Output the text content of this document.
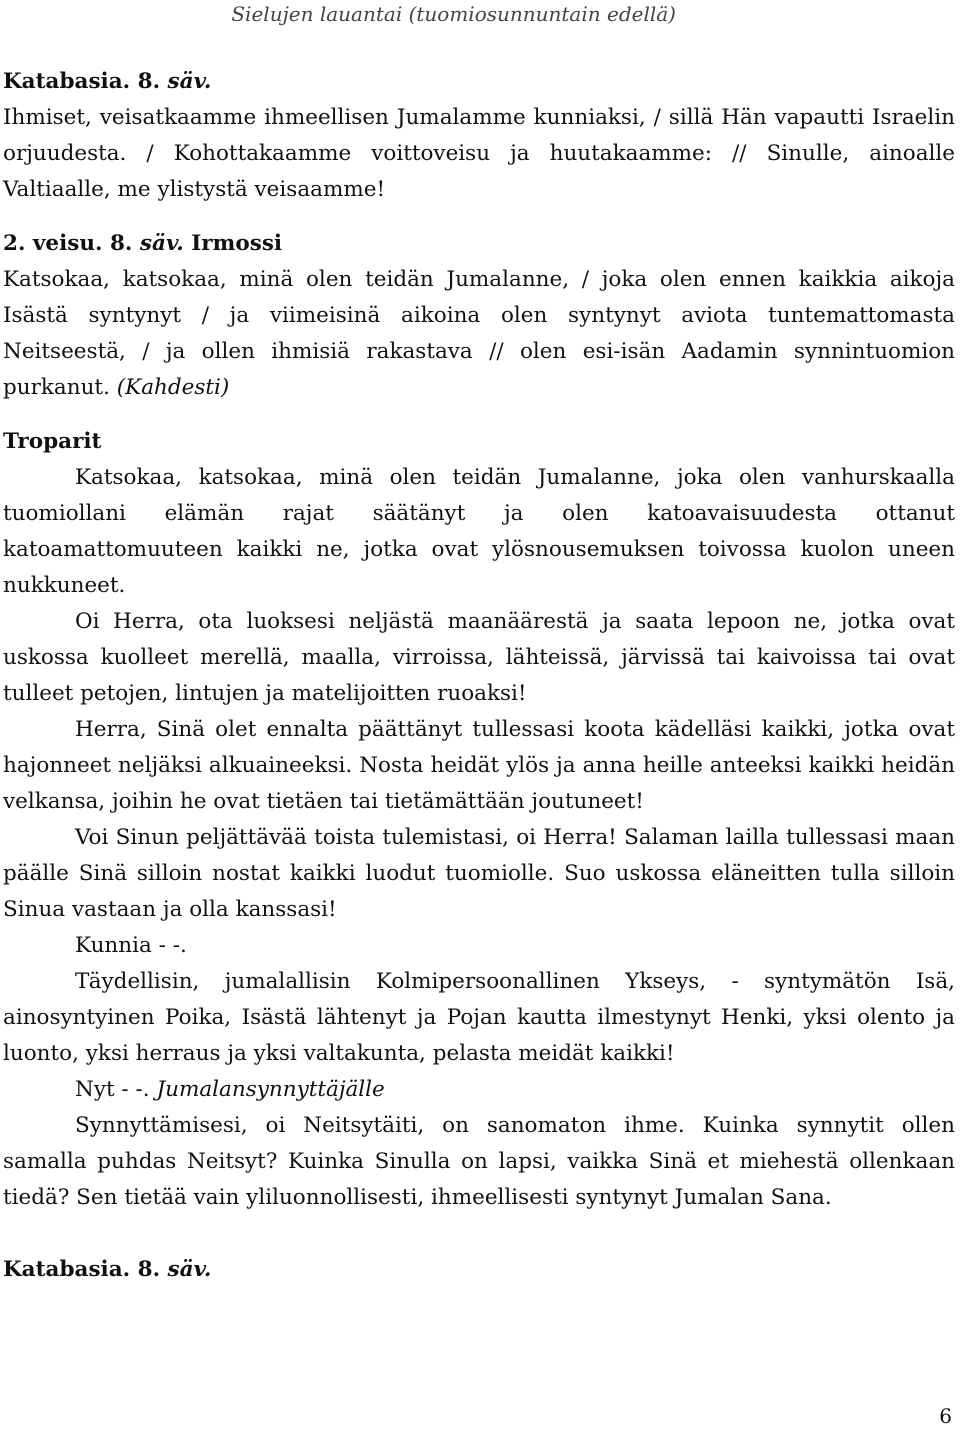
Sielujen lauantai (tuomiosunnuntain edellä)

Katabasia. 8. säv.

Ihmiset, veisatkaamme ihmeellisen Jumalamme kunniaksi, / sillä Hän vapautti Israelin orjuudesta. / Kohottakaamme voittoveisu ja huutakaamme: // Sinulle, ainoalle Valtiaalle, me ylistystä veisaamme!

2. veisu. 8. säv. Irmossi

Katsokaa, katsokaa, minä olen teidän Jumalanne, / joka olen ennen kaikkia aikoja Isästä syntynyt / ja viimeisinä aikoina olen syntynyt aviota tuntemattomasta Neitseestä, / ja ollen ihmisiä rakastava // olen esi-isän Aadamin synnintuomion purkanut. (Kahdesti)

Troparit

Katsokaa, katsokaa, minä olen teidän Jumalanne, joka olen vanhurskaalla tuomiollani elämän rajat säätänyt ja olen katoavaisuudesta ottanut katoamattomuuteen kaikki ne, jotka ovat ylösnousemuksen toivossa kuolon uneen nukkuneet.

Oi Herra, ota luoksesi neljästä maanäärestä ja saata lepoon ne, jotka ovat uskossa kuolleet merellä, maalla, virroissa, lähteissä, järvissä tai kaivoissa tai ovat tulleet petojen, lintujen ja matelijoitten ruoaksi!

Herra, Sinä olet ennalta päättänyt tullessasi koota kädelläsi kaikki, jotka ovat hajonneet neljäksi alkuaineeksi. Nosta heidät ylös ja anna heille anteeksi kaikki heidän velkansa, joihin he ovat tietäen tai tietämättään joutuneet!

Voi Sinun peljättävää toista tulemistasi, oi Herra! Salaman lailla tullessasi maan päälle Sinä silloin nostat kaikki luodut tuomiolle. Suo uskossa eläneitten tulla silloin Sinua vastaan ja olla kanssasi!

Kunnia - -.

Täydellisin, jumalallisin Kolmipersoonallinen Ykseys, - syntymätön Isä, ainosyntyinen Poika, Isästä lähtenyt ja Pojan kautta ilmestynyt Henki, yksi olento ja luonto, yksi herraus ja yksi valtakunta, pelasta meidät kaikki!

Nyt - -. Jumalansynnyttäjälle

Synnyttämisesi, oi Neitsytäiti, on sanomaton ihme. Kuinka synnytit ollen samalla puhdas Neitsyt? Kuinka Sinulla on lapsi, vaikka Sinä et miehestä ollenkaan tiedä? Sen tietää vain yliluonnollisesti, ihmeellisesti syntynyt Jumalan Sana.

Katabasia. 8. säv.

6
